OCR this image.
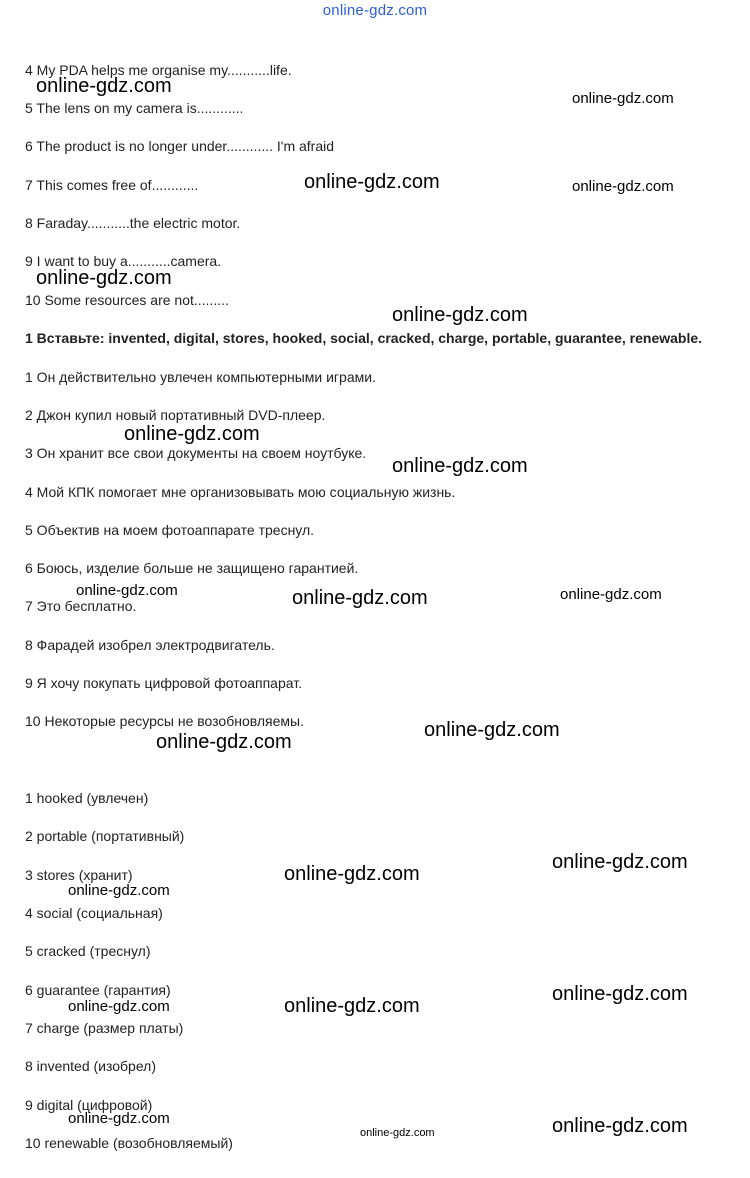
online-gdz.com
4 My PDA helps me organise my...........life.
5 The lens on my camera is............
6 The product is no longer under............ I'm afraid
7 This comes free of............
8 Faraday...........the electric motor.
9 I want to buy a...........camera.
10 Some resources are not.........
1 Вставьте: invented, digital, stores, hooked, social, cracked, charge, portable, guarantee, renewable.
1 Он действительно увлечен компьютерными играми.
2 Джон купил новый портативный DVD-плеер.
3 Он хранит все свои документы на своем ноутбуке.
4 Мой КПК помогает мне организовывать мою социальную жизнь.
5 Объектив на моем фотоаппарате треснул.
6 Боюсь, изделие больше не защищено гарантией.
7 Это бесплатно.
8 Фарадей изобрел электродвигатель.
9 Я хочу покупать цифровой фотоаппарат.
10 Некоторые ресурсы не возобновляемы.
1 hooked (увлечен)
2 portable (портативный)
3 stores (хранит)
4 social (социальная)
5 cracked (треснул)
6 guarantee (гарантия)
7 charge (размер платы)
8 invented (изобрел)
9 digital (цифровой)
10 renewable (возобновляемый)
online-gdz.com
online-gdz.com
online-gdz.com	online-gdz.com
online-gdz.com
online-gdz.com
online-gdz.com
online-gdz.com
online-gdz.com	online-gdz.com	online-gdz.com
online-gdz.com
online-gdz.com
online-gdz.com
online-gdz.com
online-gdz.com
online-gdz.com
online-gdz.com
online-gdz.com
online-gdz.com	online-gdz.com
online-gdz.com
